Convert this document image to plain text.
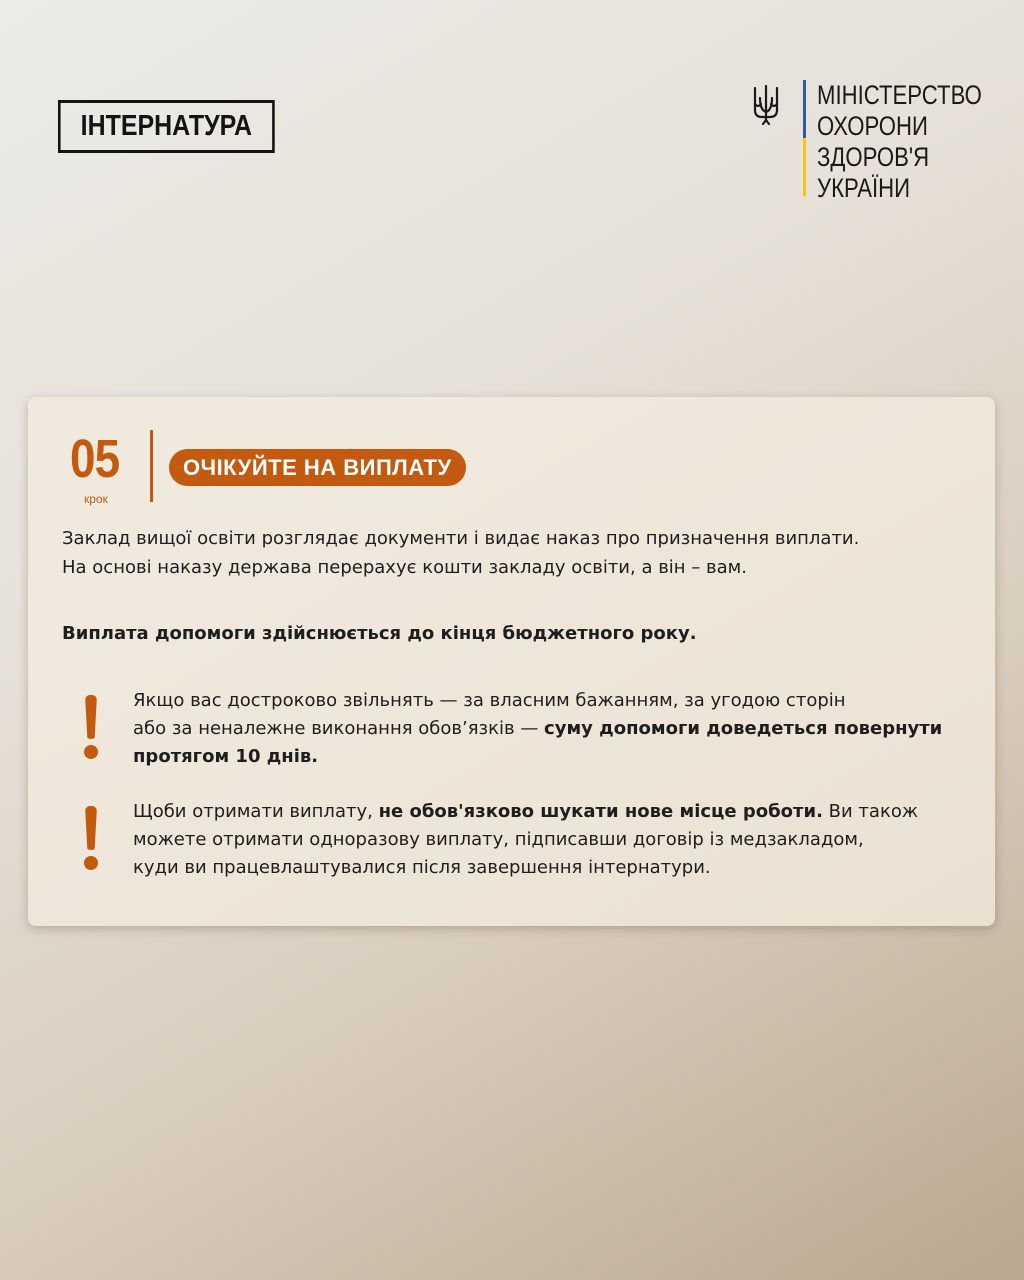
ІНТЕРНАТУРА
МІНІСТЕРСТВО
ОХОРОНИ
ЗДОРОВ'Я
УКРАЇНИ
05
крок
ОЧІКУЙТЕ НА ВИПЛАТУ
Заклад вищої освіти розглядає документи і видає наказ про призначення виплати.
На основі наказу держава перерахує кошти закладу освіти, а він – вам.
Виплата допомоги здійснюється до кінця бюджетного року.
Якщо вас достроково звільнять — за власним бажанням, за угодою сторін
або за неналежне виконання обов’язків — суму допомоги доведеться повернути
протягом 10 днів.
Щоби отримати виплату, не обов'язково шукати нове місце роботи. Ви також
можете отримати одноразову виплату, підписавши договір із медзакладом,
куди ви працевлаштувалися після завершення інтернатури.
